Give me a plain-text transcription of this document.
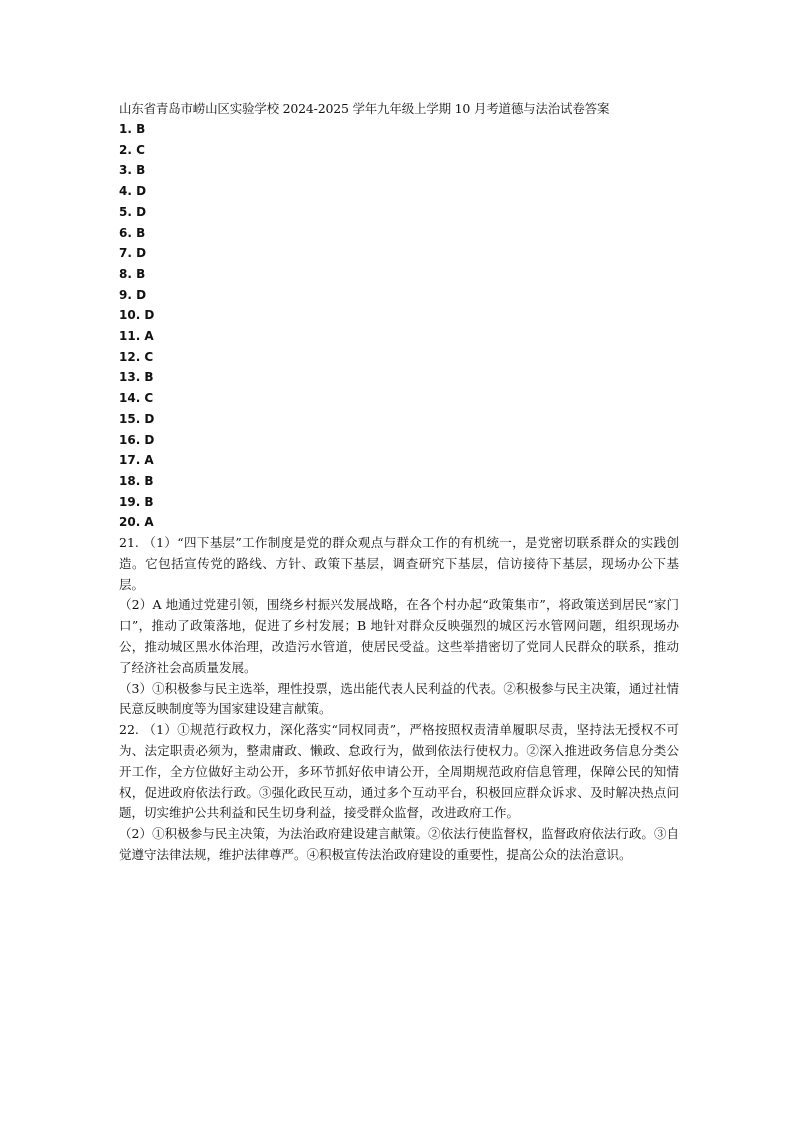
山东省青岛市崂山区实验学校 2024-2025 学年九年级上学期 10 月考道德与法治试卷答案
1. B
2. C
3. B
4. D
5. D
6. B
7. D
8. B
9. D
10. D
11. A
12. C
13. B
14. C
15. D
16. D
17. A
18. B
19. B
20. A

21. （1）“四下基层”工作制度是党的群众观点与群众工作的有机统一，是党密切联系群众的实践创造。它包括宣传党的路线、方针、政策下基层，调查研究下基层，信访接待下基层，现场办公下基层。

（2）A 地通过党建引领，围绕乡村振兴发展战略，在各个村办起“政策集市”，将政策送到居民“家门口”，推动了政策落地，促进了乡村发展；B 地针对群众反映强烈的城区污水管网问题，组织现场办公，推动城区黑水体治理，改造污水管道，使居民受益。这些举措密切了党同人民群众的联系，推动了经济社会高质量发展。

（3）①积极参与民主选举，理性投票，选出能代表人民利益的代表。②积极参与民主决策，通过社情民意反映制度等为国家建设建言献策。

22. （1）①规范行政权力，深化落实“同权同责”，严格按照权责清单履职尽责，坚持法无授权不可为、法定职责必须为，整肃庸政、懒政、怠政行为，做到依法行使权力。②深入推进政务信息分类公开工作，全方位做好主动公开，多环节抓好依申请公开，全周期规范政府信息管理，保障公民的知情权，促进政府依法行政。③强化政民互动，通过多个互动平台，积极回应群众诉求、及时解决热点问题，切实维护公共利益和民生切身利益，接受群众监督，改进政府工作。

（2）①积极参与民主决策，为法治政府建设建言献策。②依法行使监督权，监督政府依法行政。③自觉遵守法律法规，维护法律尊严。④积极宣传法治政府建设的重要性，提高公众的法治意识。
